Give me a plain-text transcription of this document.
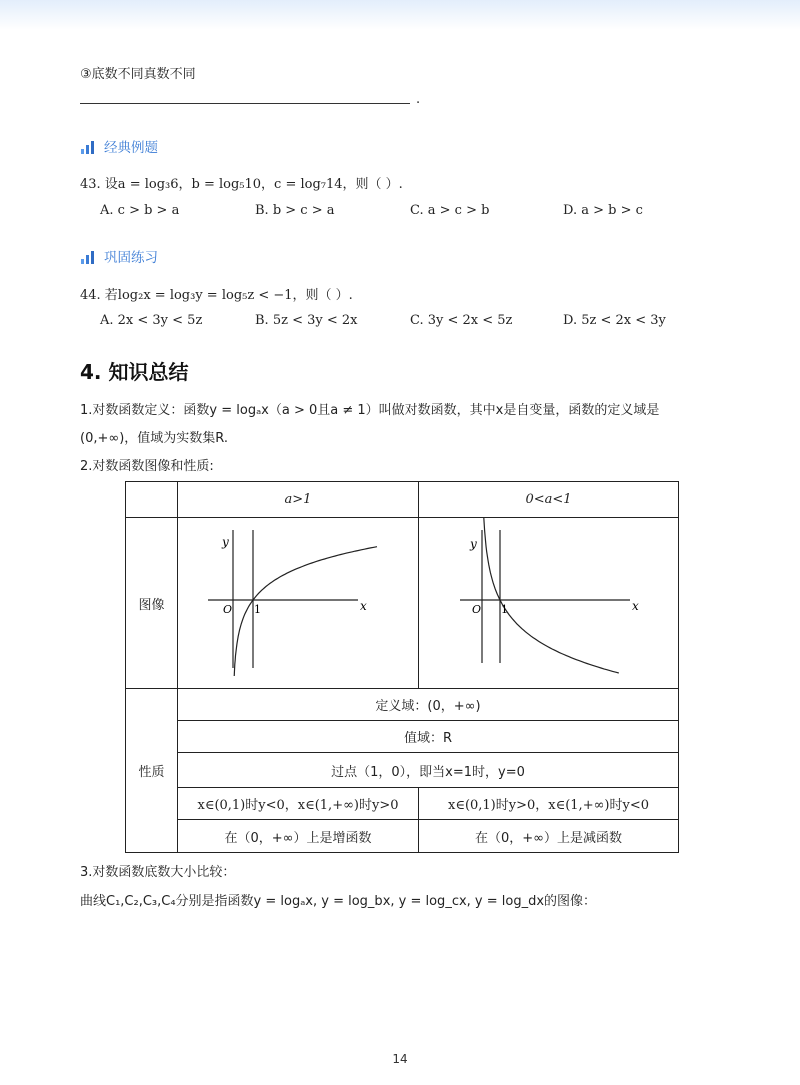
③底数不同真数不同
.
经典例题
43. 设a = log₃6，b = log₅10，c = log₇14，则（ ）.
A. c > b > a	B. b > c > a	C. a > c > b	D. a > b > c
巩固练习
44. 若log₂x = log₃y = log₅z < −1，则（ ）.
A. 2x < 3y < 5z	B. 5z < 3y < 2x	C. 3y < 2x < 5z	D. 5z < 2x < 3y
4. 知识总结
1.对数函数定义：函数y = logₐx（a > 0且a ≠ 1）叫做对数函数，其中x是自变量，函数的定义域是
(0,+∞)，值域为实数集R.
2.对数函数图像和性质:
	a>1	0<a<1
图像	y
x
O 1	y
x
O 1

性质	定义域：(0，+∞)	
	值域：R	
	过点（1，0），即当x=1时，y=0	
	x∈(0,1)时y<0，x∈(1,+∞)时y>0	x∈(0,1)时y>0，x∈(1,+∞)时y<0
	在（0，+∞）上是增函数	在（0，+∞）上是减函数
3.对数函数底数大小比较：
曲线C₁,C₂,C₃,C₄分别是指函数y = logₐx, y = log_bx, y = log_cx, y = log_dx的图像：
14
